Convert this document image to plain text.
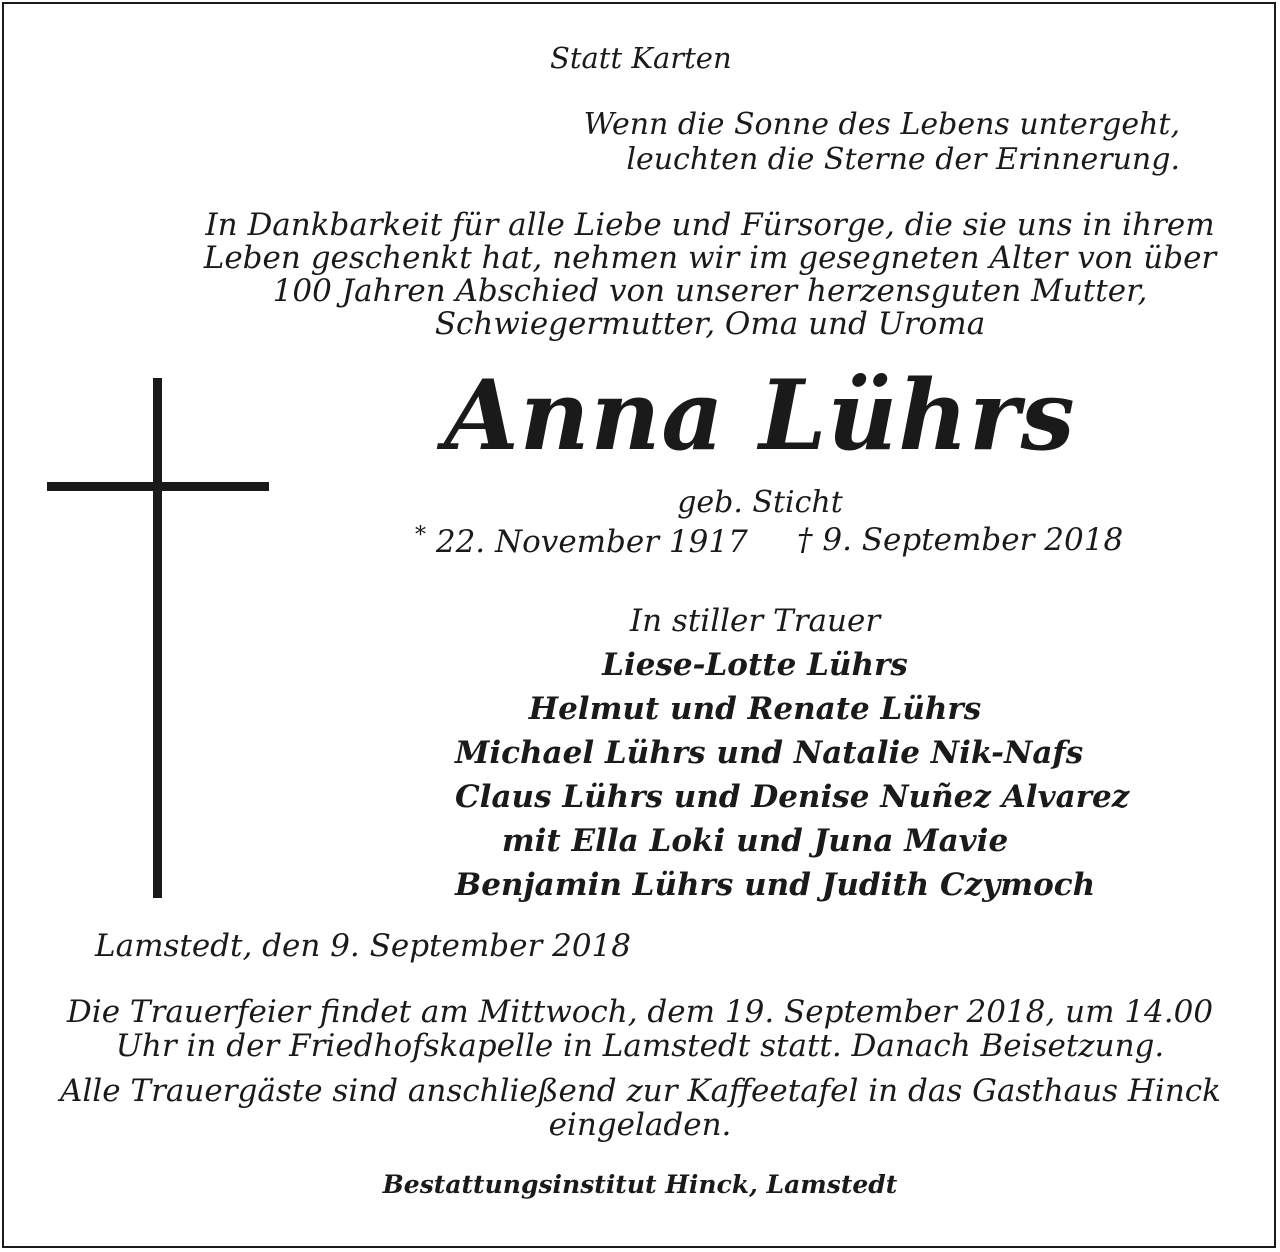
Statt Karten
Wenn die Sonne des Lebens untergeht,
leuchten die Sterne der Erinnerung.
In Dankbarkeit für alle Liebe und Fürsorge, die sie uns in ihrem
Leben geschenkt hat, nehmen wir im gesegneten Alter von über
100 Jahren Abschied von unserer herzensguten Mutter,
Schwiegermutter, Oma und Uroma
Anna Lührs
geb. Sticht
* 22. November 1917 † 9. September 2018
In stiller Trauer
Liese-Lotte Lührs
Helmut und Renate Lührs
Michael Lührs und Natalie Nik-Nafs
Claus Lührs und Denise Nuñez Alvarez
mit Ella Loki und Juna Mavie
Benjamin Lührs und Judith Czymoch
Lamstedt, den 9. September 2018
Die Trauerfeier findet am Mittwoch, dem 19. September 2018, um 14.00
Uhr in der Friedhofskapelle in Lamstedt statt. Danach Beisetzung.
Alle Trauergäste sind anschließend zur Kaffeetafel in das Gasthaus Hinck
eingeladen.
Bestattungsinstitut Hinck, Lamstedt
